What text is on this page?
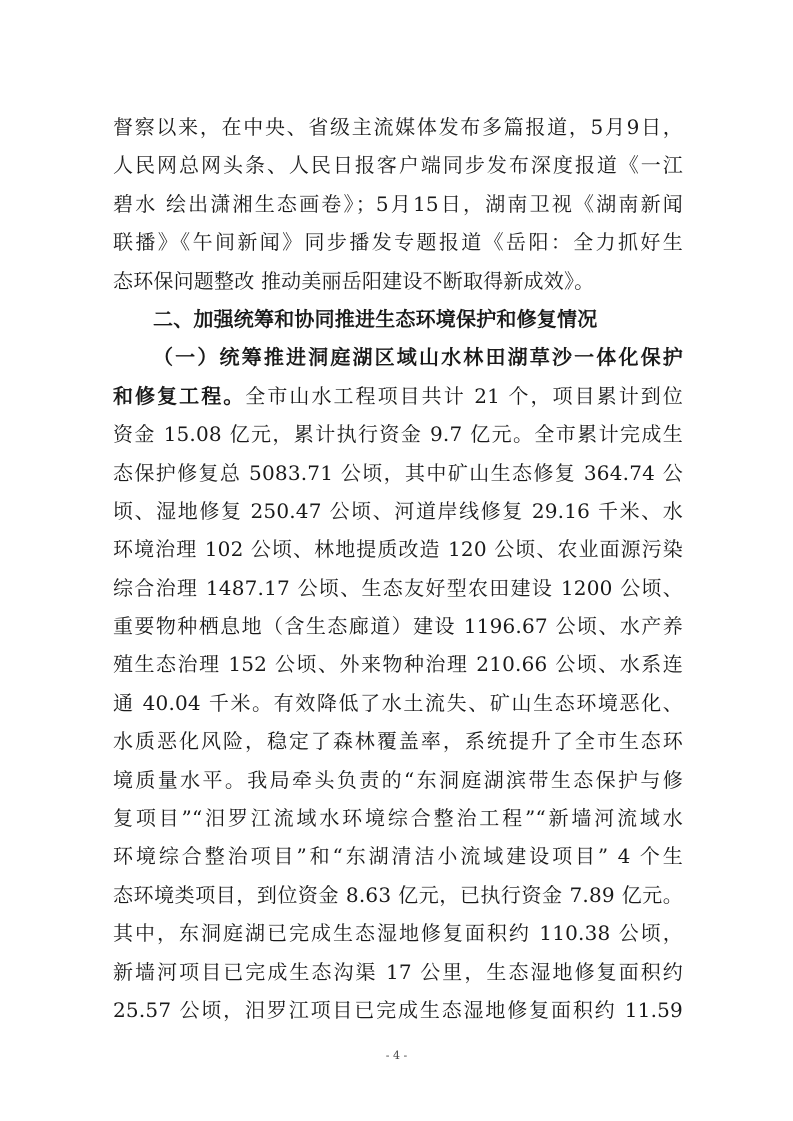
督察以来，在中央、省级主流媒体发布多篇报道，5月9日，
人民网总网头条、人民日报客户端同步发布深度报道《一江
碧水 绘出潇湘生态画卷》；5月15日，湖南卫视《湖南新闻
联播》《午间新闻》同步播发专题报道《岳阳：全力抓好生
态环保问题整改 推动美丽岳阳建设不断取得新成效》。
二、加强统筹和协同推进生态环境保护和修复情况
（一）统筹推进洞庭湖区域山水林田湖草沙一体化保护
和修复工程。全市山水工程项目共计 21 个，项目累计到位
资金 15.08 亿元，累计执行资金 9.7 亿元。全市累计完成生
态保护修复总 5083.71 公顷，其中矿山生态修复 364.74 公
顷、湿地修复 250.47 公顷、河道岸线修复 29.16 千米、水
环境治理 102 公顷、林地提质改造 120 公顷、农业面源污染
综合治理 1487.17 公顷、生态友好型农田建设 1200 公顷、
重要物种栖息地（含生态廊道）建设 1196.67 公顷、水产养
殖生态治理 152 公顷、外来物种治理 210.66 公顷、水系连
通 40.04 千米。有效降低了水土流失、矿山生态环境恶化、
水质恶化风险，稳定了森林覆盖率，系统提升了全市生态环
境质量水平。我局牵头负责的“东洞庭湖滨带生态保护与修
复项目”“汨罗江流域水环境综合整治工程”“新墙河流域水
环境综合整治项目”和“东湖清洁小流域建设项目” 4 个生
态环境类项目，到位资金 8.63 亿元，已执行资金 7.89 亿元。
其中，东洞庭湖已完成生态湿地修复面积约 110.38 公顷，
新墙河项目已完成生态沟渠 17 公里，生态湿地修复面积约
25.57 公顷，汨罗江项目已完成生态湿地修复面积约 11.59
- 4 -
